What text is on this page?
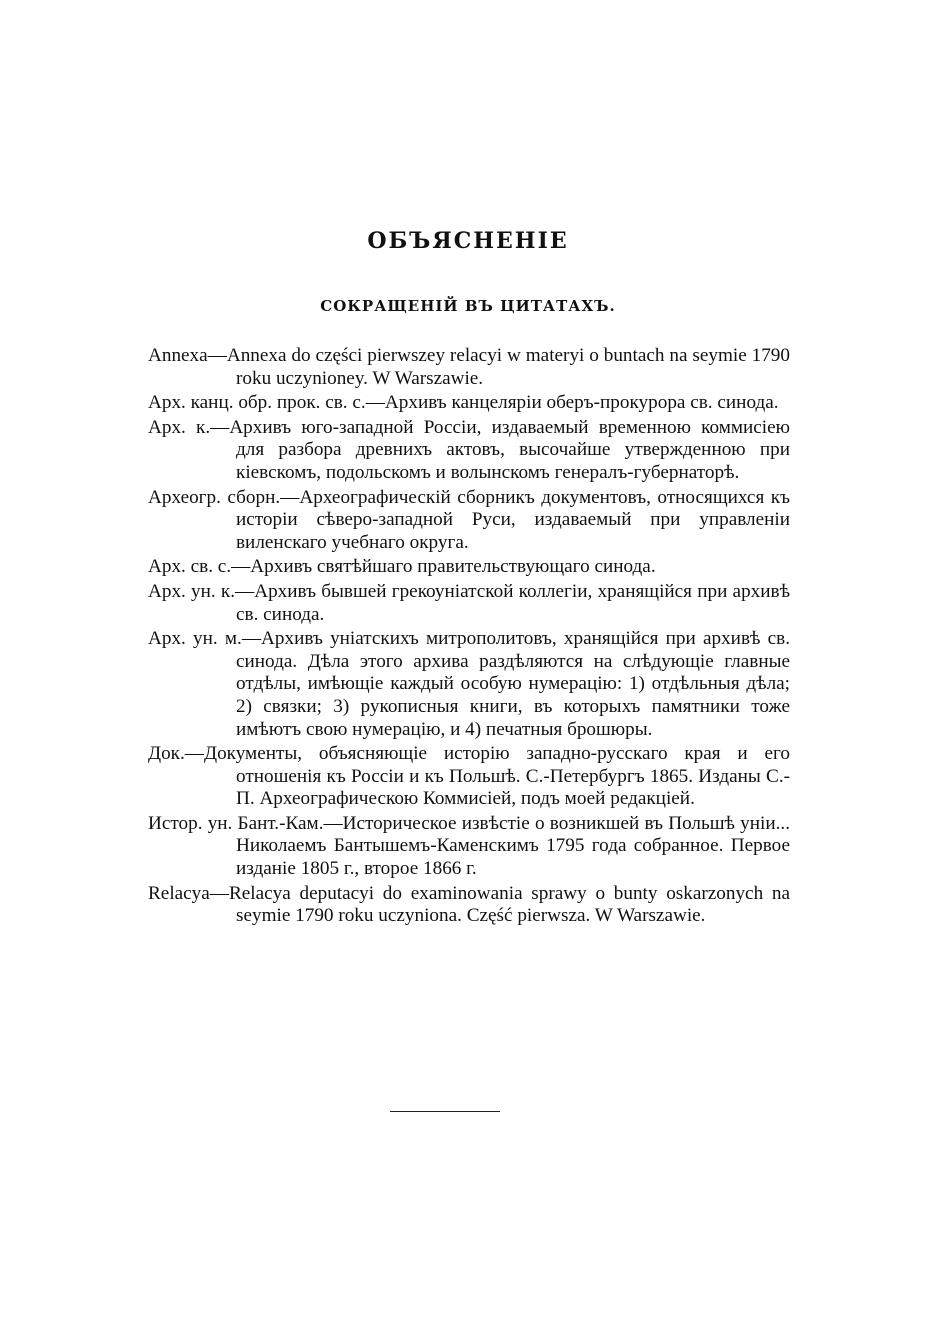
ОБЪЯСНЕНІЕ
СОКРАЩЕНІЙ ВЪ ЦИТАТАХЪ.

Annexa—Annexa do części pierwszey relacyi w materyi o buntach na seymie 1790 roku uczynioney. W Warszawie.

Арх. канц. обр. прок. св. с.—Архивъ канцеляріи оберъ-прокурора св. синода.

Арх. к.—Архивъ юго-западной Россіи, издаваемый временною коммисіею для разбора древнихъ актовъ, высочайше утвержденною при кіевскомъ, подольскомъ и волынскомъ генералъ-губернаторѣ.

Археогр. сборн.—Археографическій сборникъ документовъ, относящихся къ исторіи сѣверо-западной Руси, издаваемый при управленіи виленскаго учебнаго округа.

Арх. св. с.—Архивъ святѣйшаго правительствующаго синода.

Арх. ун. к.—Архивъ бывшей грекоуніатской коллегіи, хранящійся при архивѣ св. синода.

Арх. ун. м.—Архивъ уніатскихъ митрополитовъ, хранящійся при архивѣ св. синода. Дѣла этого архива раздѣляются на слѣдующіе главные отдѣлы, имѣющіе каждый особую нумерацію: 1) отдѣльныя дѣла; 2) связки; 3) рукописныя книги, въ которыхъ памятники тоже имѣютъ свою нумерацію, и 4) печатныя брошюры.

Док.—Документы, объясняющіе исторію западно-русскаго края и его отношенія къ Россіи и къ Польшѣ. С.-Петербургъ 1865. Изданы С.-П. Археографическою Коммисіей, подъ моей редакціей.

Истор. ун. Бант.-Кам.—Историческое извѣстіе о возникшей въ Польшѣ уніи... Николаемъ Бантышемъ-Каменскимъ 1795 года собранное. Первое изданіе 1805 г., второе 1866 г.

Relacya—Relacya deputacyi do examinowania sprawy o bunty oskarzonych na seymie 1790 roku uczyniona. Część pierwsza. W Warszawie.
